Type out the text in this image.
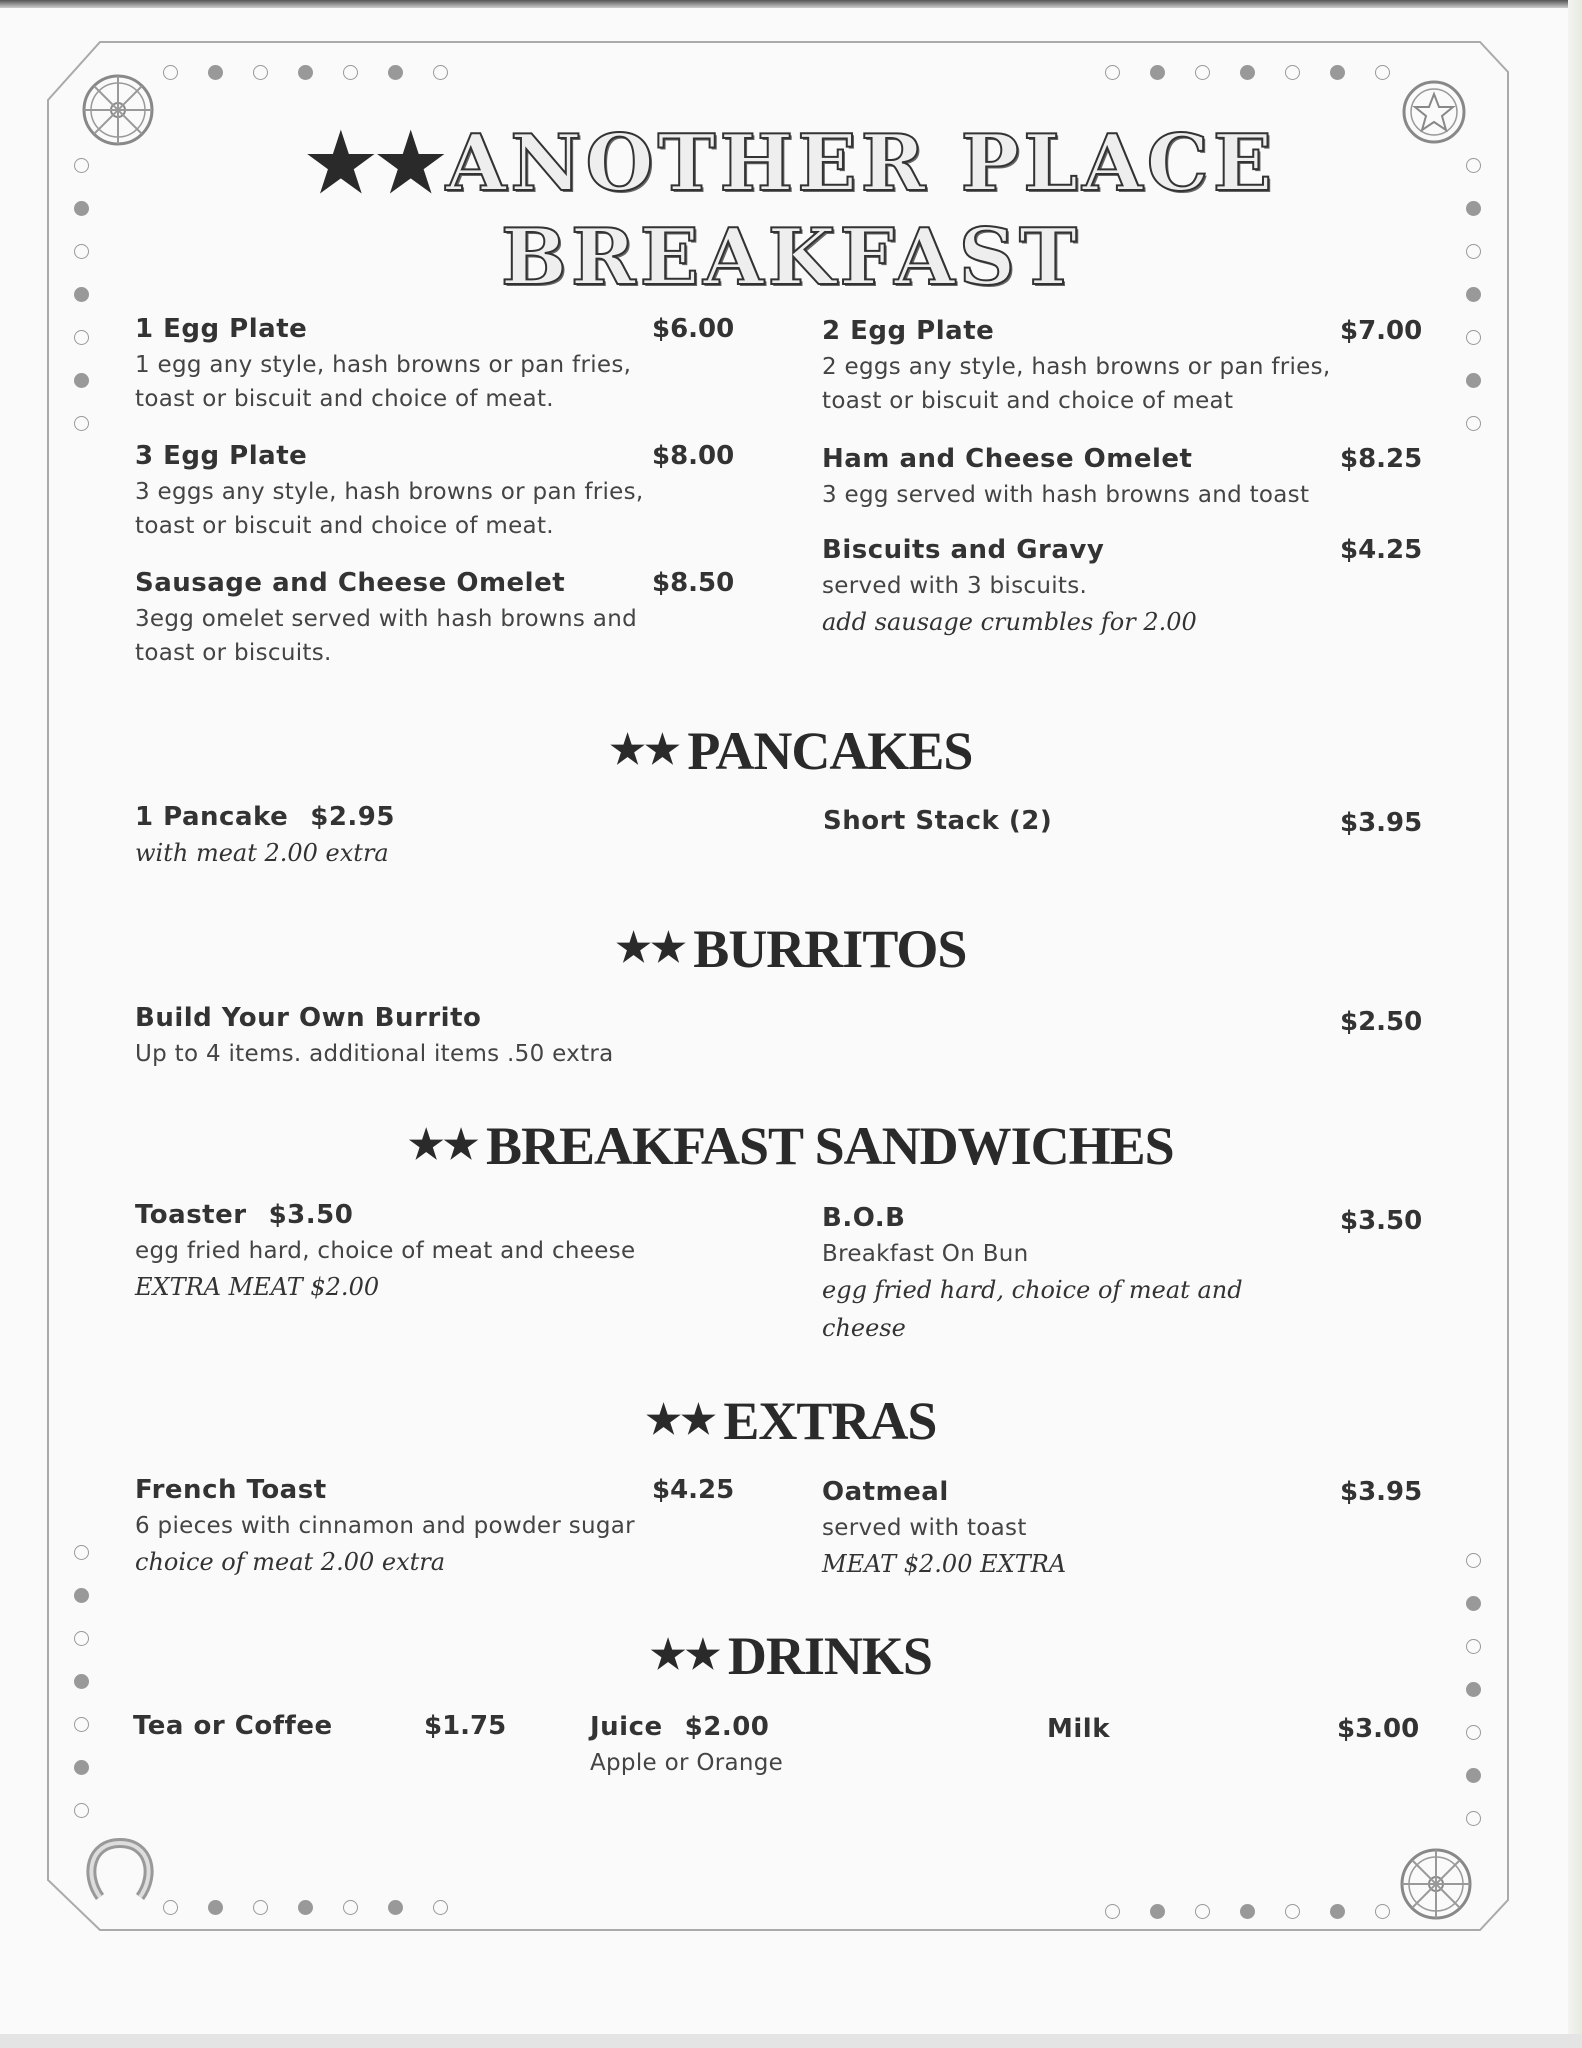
★★ANOTHER PLACE
BREAKFAST
1 Egg Plate
1 egg any style, hash browns or pan fries,
toast or biscuit and choice of meat.
$6.00
3 Egg Plate
3 eggs any style, hash browns or pan fries,
toast or biscuit and choice of meat.
$8.00
Sausage and Cheese Omelet
3egg omelet served with hash browns and
toast or biscuits.
$8.50
2 Egg Plate
2 eggs any style, hash browns or pan fries,
toast or biscuit and choice of meat
$7.00
Ham and Cheese Omelet
3 egg served with hash browns and toast
$8.25
Biscuits and Gravy
served with 3 biscuits.
add sausage crumbles for 2.00
$4.25
★★ PANCAKES
1 Pancake $2.95
with meat 2.00 extra
Short Stack (2)	$3.95
★★ BURRITOS
Build Your Own Burrito
Up to 4 items. additional items .50 extra
$2.50
★★ BREAKFAST SANDWICHES
Toaster $3.50
egg fried hard, choice of meat and cheese
EXTRA MEAT $2.00
B.O.B
Breakfast On Bun
egg fried hard, choice of meat and
cheese
$3.50
★★ EXTRAS
French Toast
6 pieces with cinnamon and powder sugar
choice of meat 2.00 extra
$4.25	Oatmeal
served with toast
MEAT $2.00 EXTRA
$3.95
★★ DRINKS
Tea or Coffee	$1.75	Juice $2.00
Apple or Orange
Milk	$3.00
